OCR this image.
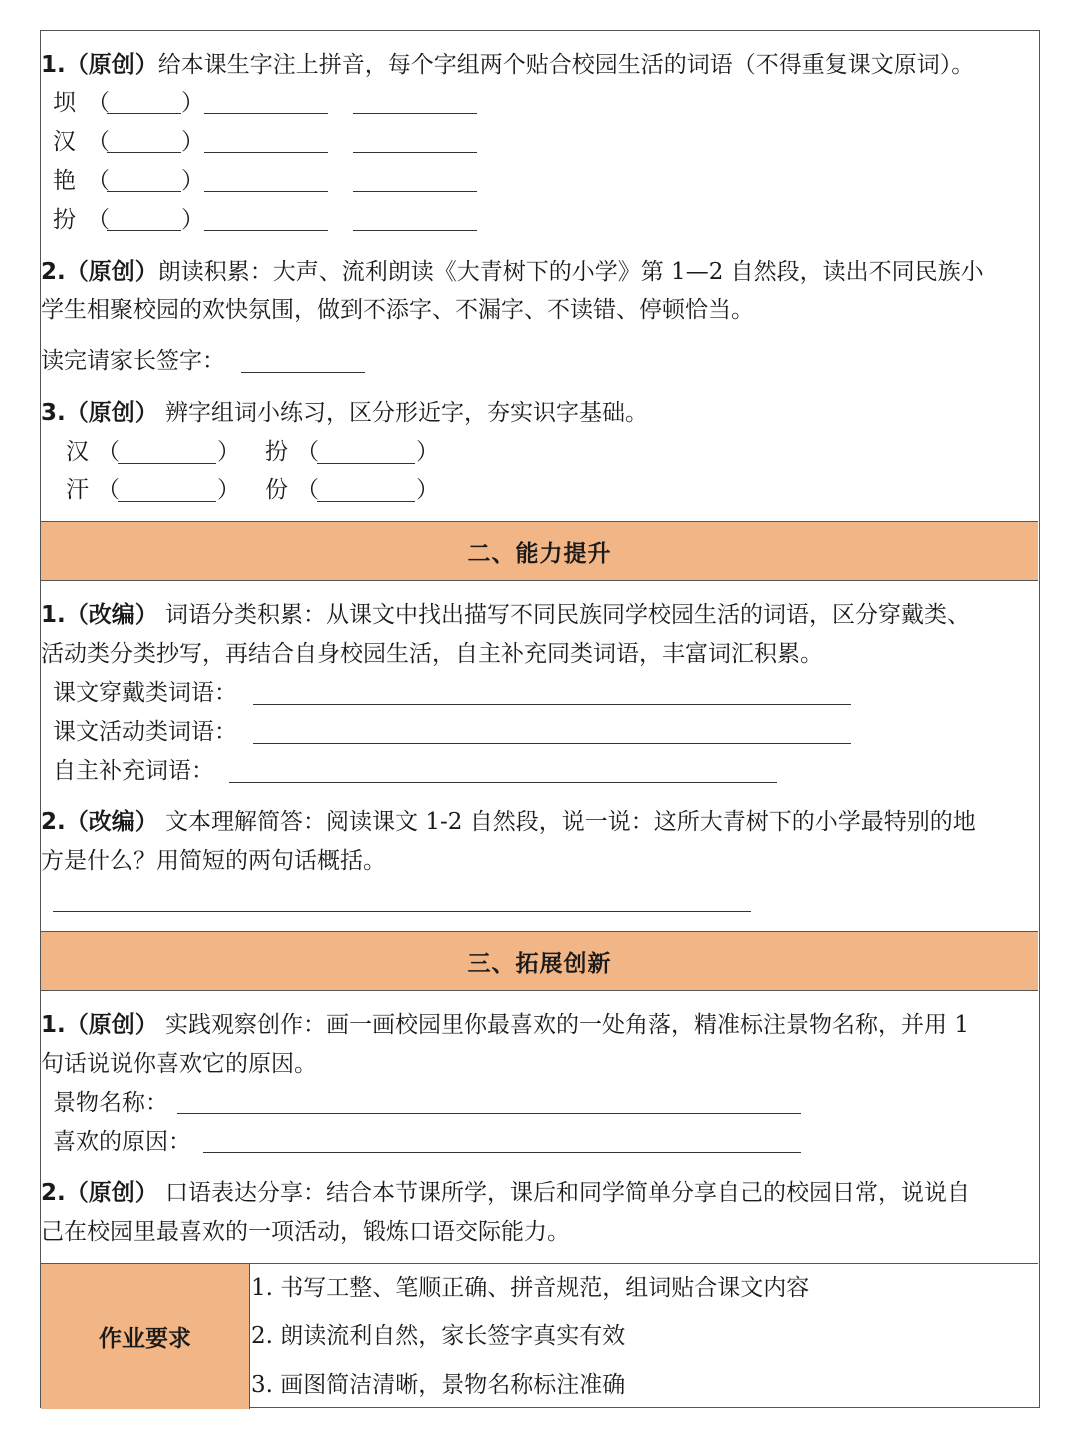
1.（原创）给本课生字注上拼音，每个字组两个贴合校园生活的词语（不得重复课文原词）。
坝 （	）
汉 （	）
艳 （	）
扮 （	）
2.（原创）朗读积累：大声、流利朗读《大青树下的小学》第 1—2 自然段，读出不同民族小
学生相聚校园的欢快氛围，做到不添字、不漏字、不读错、停顿恰当。
读完请家长签字：
3.（原创） 辨字组词小练习，区分形近字，夯实识字基础。
汉 （	） 扮 （	）
汗 （	） 份 （	）
二、能力提升
1.（改编） 词语分类积累：从课文中找出描写不同民族同学校园生活的词语，区分穿戴类、
活动类分类抄写，再结合自身校园生活，自主补充同类词语，丰富词汇积累。
课文穿戴类词语：
课文活动类词语：
自主补充词语：
2.（改编） 文本理解简答：阅读课文 1-2 自然段，说一说：这所大青树下的小学最特别的地
方是什么？用简短的两句话概括。
三、拓展创新
1.（原创） 实践观察创作：画一画校园里你最喜欢的一处角落，精准标注景物名称，并用 1
句话说说你喜欢它的原因。
景物名称：
喜欢的原因：
2.（原创） 口语表达分享：结合本节课所学，课后和同学简单分享自己的校园日常，说说自
己在校园里最喜欢的一项活动，锻炼口语交际能力。
作业要求
1. 书写工整、笔顺正确、拼音规范，组词贴合课文内容
2. 朗读流利自然，家长签字真实有效
3. 画图简洁清晰，景物名称标注准确
